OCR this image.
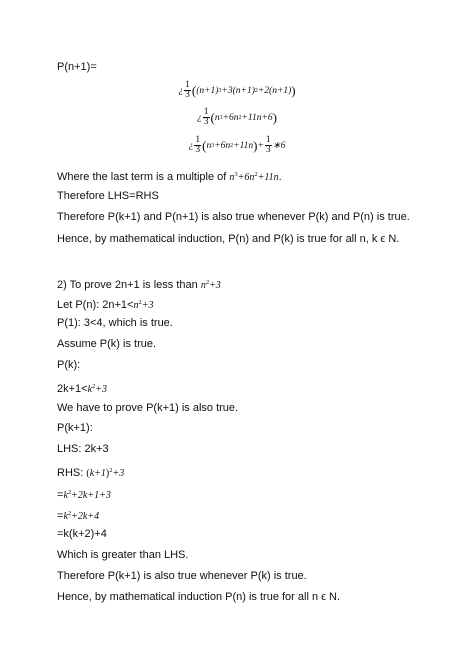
P(n+1)=
¿ $\frac{1}{3}$ ( (n+1) 3 +3(n+1) 2 +2(n+1) )
¿ $\frac{1}{3}$ ( n 3 +6n 2 +11n+6 )
¿ $\frac{1}{3}$ ( n 3 +6n 2 +11n ) + $\frac{1}{3}$ ∗6
Where the last term is a multiple of $n^3+6n^2+11n$.
Therefore LHS=RHS
Therefore P(k+1) and P(n+1) is also true whenever P(k) and P(n) is true.
Hence, by mathematical induction, P(n) and P(k) is true for all n, k ϵ N.
2) To prove 2n+1 is less than $n^2+3$
Let P(n): $2n+1<n^2+3$
P(1): 3<4, which is true.
Assume P(k) is true.
P(k):
$2k+1<k^2+3$
We have to prove P(k+1) is also true.
P(k+1):
LHS: 2k+3
RHS: $(k+1)^2+3$
$=k^2+2k+1+3$
$=k^2+2k+4$
=k(k+2)+4
Which is greater than LHS.
Therefore P(k+1) is also true whenever P(k) is true.
Hence, by mathematical induction P(n) is true for all n ϵ N.
